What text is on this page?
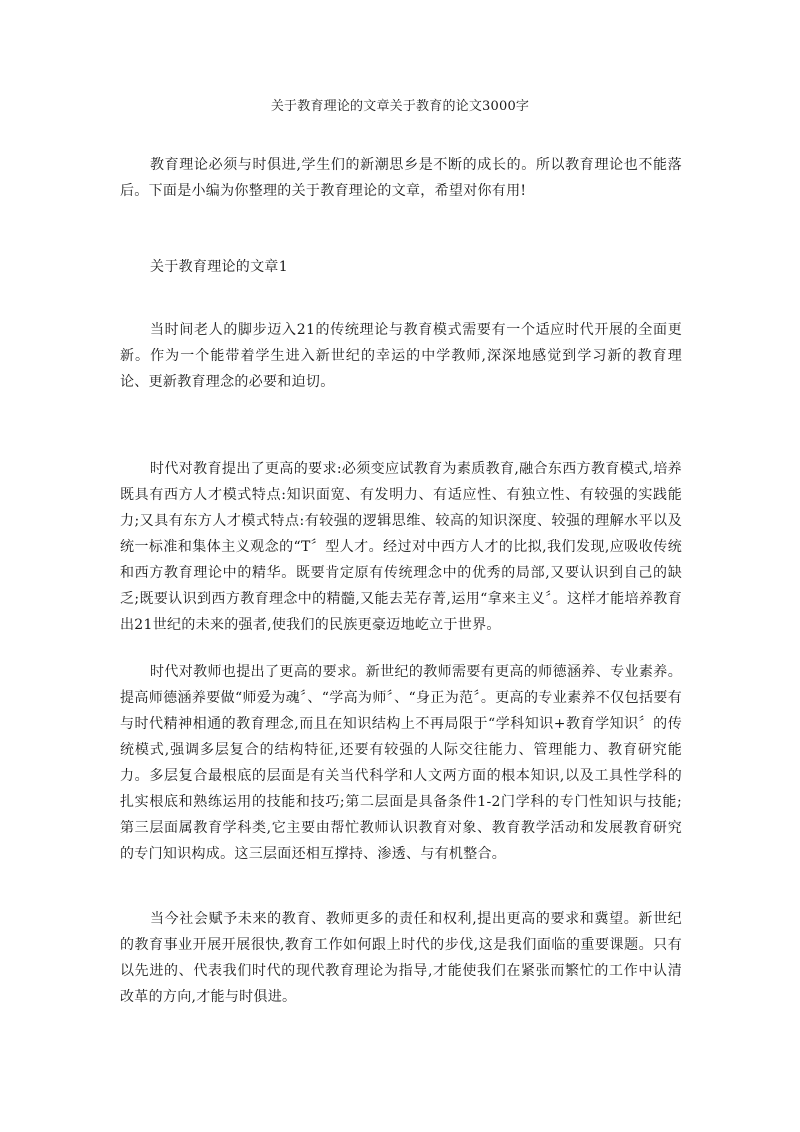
关于教育理论的文章关于教育的论文3000字

教育理论必须与时俱进,学生们的新潮思乡是不断的成长的。所以教育理论也不能落后。下面是小编为你整理的关于教育理论的文章，希望对你有用!

关于教育理论的文章1

当时间老人的脚步迈入21的传统理论与教育模式需要有一个适应时代开展的全面更新。作为一个能带着学生进入新世纪的幸运的中学教师,深深地感觉到学习新的教育理论、更新教育理念的必要和迫切。

时代对教育提出了更高的要求:必须变应试教育为素质教育,融合东西方教育模式,培养既具有西方人才模式特点:知识面宽、有发明力、有适应性、有独立性、有较强的实践能力;又具有东方人才模式特点:有较强的逻辑思维、较高的知识深度、较强的理解水平以及统一标准和集体主义观念的“T〞型人才。经过对中西方人才的比拟,我们发现,应吸收传统和西方教育理论中的精华。既要肯定原有传统理念中的优秀的局部,又要认识到自己的缺乏;既要认识到西方教育理念中的精髓,又能去芜存菁,运用“拿来主义〞。这样才能培养教育出21世纪的未来的强者,使我们的民族更豪迈地屹立于世界。

时代对教师也提出了更高的要求。新世纪的教师需要有更高的师德涵养、专业素养。提高师德涵养要做“师爱为魂〞、“学高为师〞、“身正为范〞。更高的专业素养不仅包括要有与时代精神相通的教育理念,而且在知识结构上不再局限于“学科知识+教育学知识〞的传统模式,强调多层复合的结构特征,还要有较强的人际交往能力、管理能力、教育研究能力。多层复合最根底的层面是有关当代科学和人文两方面的根本知识,以及工具性学科的扎实根底和熟练运用的技能和技巧;第二层面是具备条件1-2门学科的专门性知识与技能;第三层面属教育学科类,它主要由帮忙教师认识教育对象、教育教学活动和发展教育研究的专门知识构成。这三层面还相互撑持、渗透、与有机整合。

当今社会赋予未来的教育、教师更多的责任和权利,提出更高的要求和冀望。新世纪的教育事业开展开展很快,教育工作如何跟上时代的步伐,这是我们面临的重要课题。只有以先进的、代表我们时代的现代教育理论为指导,才能使我们在紧张而繁忙的工作中认清改革的方向,才能与时俱进。
